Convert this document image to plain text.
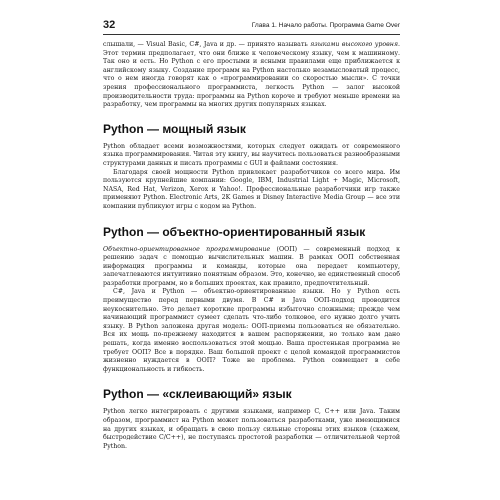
32	Глава 1. Начало работы. Программа Game Over

слышали, — Visual Basic, C#, Java и др. — принято называть языками высокого уровня. Этот термин предполагает, что они ближе к человеческому языку, чем к машинному. Так оно и есть. Но Python с его простыми и ясными правилами еще приближается к английскому языку. Создание программ на Python настолько незамысловатый процесс, что о нем иногда говорят как о «программировании со скоростью мысли». С точки зрения профессионального программиста, легкость Python — залог высокой производительности труда: программы на Python короче и требуют меньше времени на разработку, чем программы на многих других популярных языках.

Python — мощный язык

Python обладает всеми возможностями, которых следует ожидать от современного языка программирования. Читая эту книгу, вы научитесь пользоваться разнообразными структурами данных и писать программы с GUI и файлами состояния.

Благодаря своей мощности Python привлекает разработчиков со всего мира. Им пользуются крупнейшие компании: Google, IBM, Industrial Light + Magic, Microsoft, NASA, Red Hat, Verizon, Xerox и Yahoo!. Профессиональные разработчики игр также применяют Python. Electronic Arts, 2K Games и Disney Interactive Media Group — все эти компании публикуют игры с кодом на Python.

Python — объектно-ориентированный язык

Объектно-ориентированное программирование (ООП) — современный подход к решению задач с помощью вычислительных машин. В рамках ООП собственная информация программы и команды, которые она передает компьютеру, запечатлеваются интуитивно понятным образом. Это, конечно, не единственный способ разработки программ, но в больших проектах, как правило, предпочтительный.

C#, Java и Python — объектно-ориентированные языки. Но у Python есть преимущество перед первыми двумя. В C# и Java ООП-подход проводится неукоснительно. Это делает короткие программы избыточно сложными; прежде чем начинающий программист сумеет сделать что-либо толковое, его нужно долго учить языку. В Python заложена другая модель: ООП-приемы пользоваться не обязательно. Вся их мощь по-прежнему находится в вашем распоряжении, но только вам дано решать, когда именно воспользоваться этой мощью. Ваша простенькая программа не требует ООП? Все в порядке. Ваш большой проект с целой командой программистов жизненно нуждается в ООП? Тоже не проблема. Python совмещает в себе функциональность и гибкость.

Python — «склеивающий» язык

Python легко интегрировать с другими языками, например C, C++ или Java. Таким образом, программист на Python может пользоваться разработками, уже имеющимися на других языках, и обращать в свою пользу сильные стороны этих языков (скажем, быстродействие C/C++), не поступаясь простотой разработки — отличительной чертой Python.
